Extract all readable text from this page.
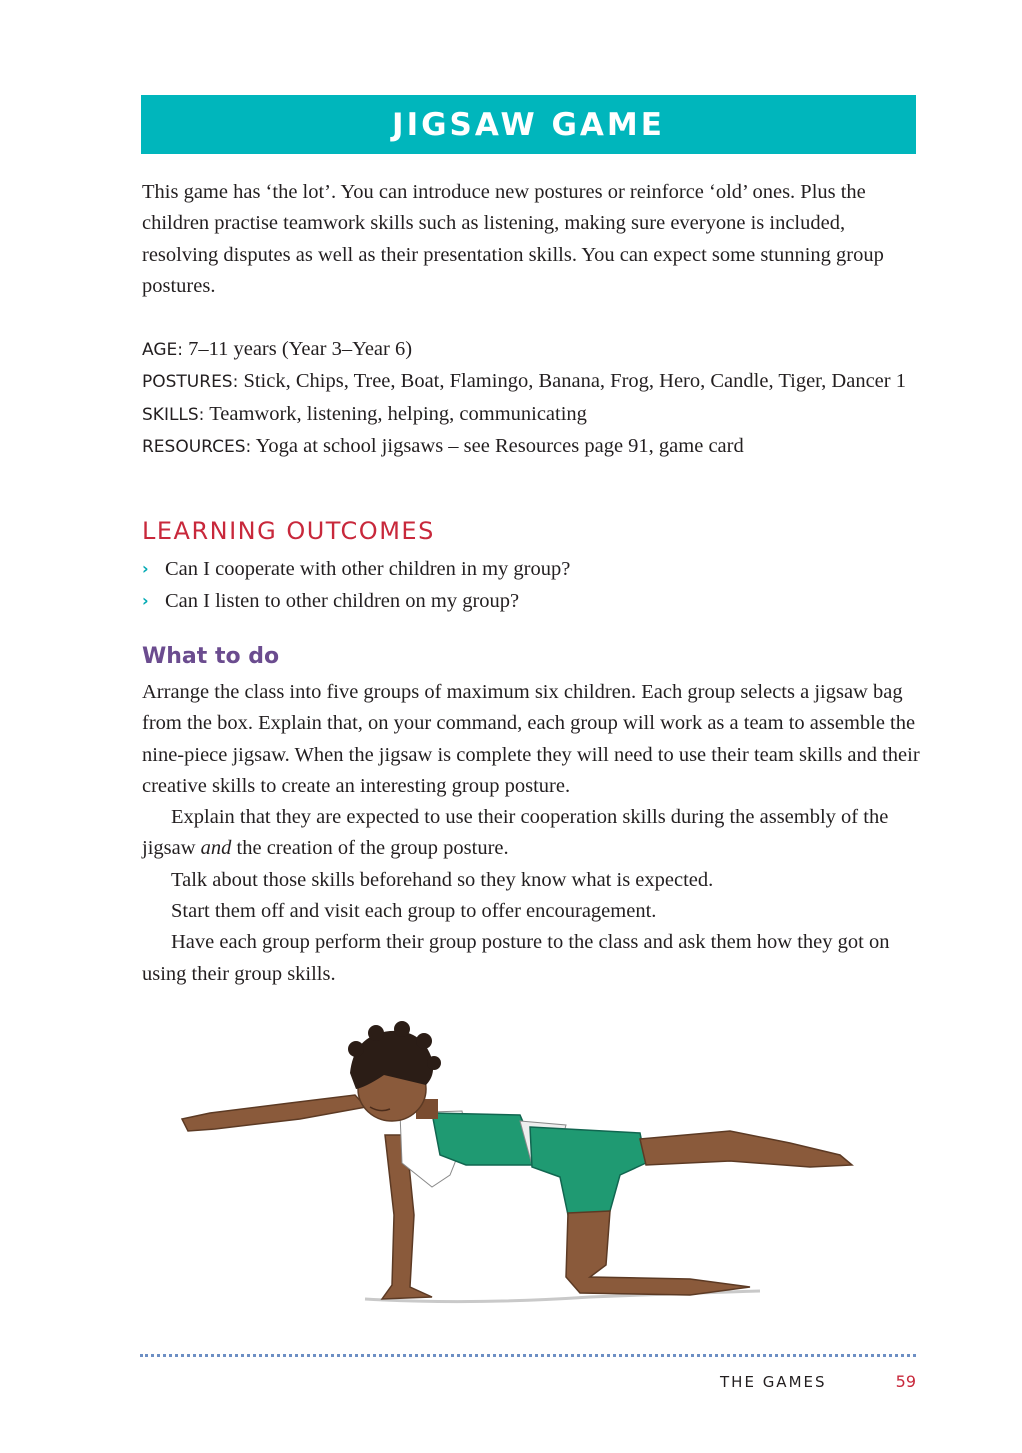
JIGSAW GAME
This game has ‘the lot’. You can introduce new postures or reinforce ‘old’ ones. Plus the children practise teamwork skills such as listening, making sure everyone is included, resolving disputes as well as their presentation skills. You can expect some stunning group postures.

AGE: 7–11 years (Year 3–Year 6)

POSTURES: Stick, Chips, Tree, Boat, Flamingo, Banana, Frog, Hero, Candle, Tiger, Dancer 1

SKILLS: Teamwork, listening, helping, communicating

RESOURCES: Yoga at school jigsaws – see Resources page 91, game card

LEARNING OUTCOMES
› Can I cooperate with other children in my group?
› Can I listen to other children on my group?
What to do

Arrange the class into five groups of maximum six children. Each group selects a jigsaw bag from the box. Explain that, on your command, each group will work as a team to assemble the nine-piece jigsaw. When the jigsaw is complete they will need to use their team skills and their creative skills to create an interesting group posture.

Explain that they are expected to use their cooperation skills during the assembly of the jigsaw and the creation of the group posture.

Talk about those skills beforehand so they know what is expected.

Start them off and visit each group to offer encouragement.

Have each group perform their group posture to the class and ask them how they got on using their group skills.

THE GAMES	59
